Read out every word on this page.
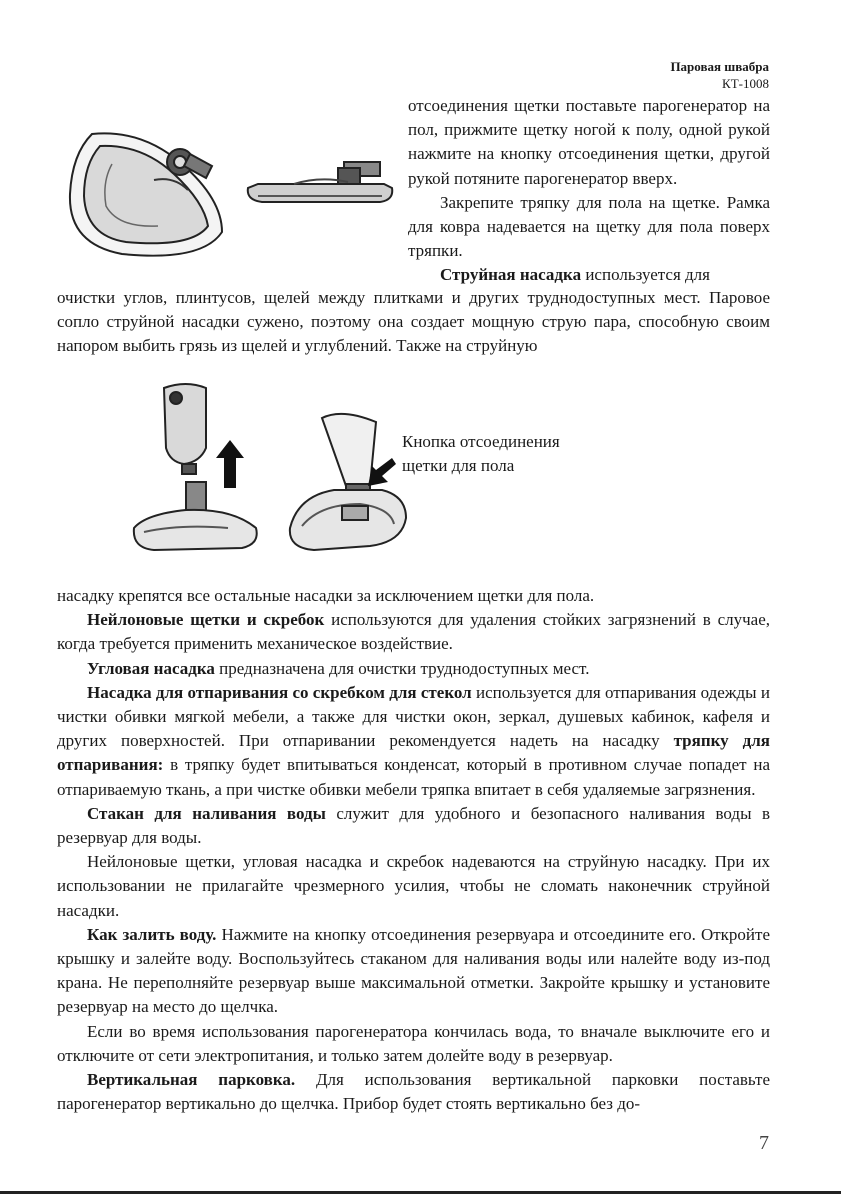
Паровая швабра
КТ-1008

отсоединения щетки поставьте парогенератор на пол, прижмите щетку ногой к полу, одной рукой нажмите на кнопку отсоединения щетки, другой рукой потяните парогенератор вверх.

Закрепите тряпку для пола на щетке. Рамка для ковра надевается на щетку для пола поверх тряпки.

Струйная насадка используется для

очистки углов, плинтусов, щелей между плитками и других труднодоступных мест. Паровое сопло струйной насадки сужено, поэтому она создает мощную струю пара, способную своим напором выбить грязь из щелей и углублений. Также на струйную

Кнопка отсоединения
щетки для пола

насадку крепятся все остальные насадки за исключением щетки для пола.

Нейлоновые щетки и скребок используются для удаления стойких загрязнений в случае, когда требуется применить механическое воздействие.

Угловая насадка предназначена для очистки труднодоступных мест.

Насадка для отпаривания со скребком для стекол используется для отпаривания одежды и чистки обивки мягкой мебели, а также для чистки окон, зеркал, душевых кабинок, кафеля и других поверхностей. При отпаривании рекомендуется надеть на насадку тряпку для отпаривания: в тряпку будет впитываться конденсат, который в противном случае попадет на отпариваемую ткань, а при чистке обивки мебели тряпка впитает в себя удаляемые загрязнения.

Стакан для наливания воды служит для удобного и безопасного наливания воды в резервуар для воды.

Нейлоновые щетки, угловая насадка и скребок надеваются на струйную насадку. При их использовании не прилагайте чрезмерного усилия, чтобы не сломать наконечник струйной насадки.

Как залить воду. Нажмите на кнопку отсоединения резервуара и отсоедините его. Откройте крышку и залейте воду. Воспользуйтесь стаканом для наливания воды или налейте воду из-под крана. Не переполняйте резервуар выше максимальной отметки. Закройте крышку и установите резервуар на место до щелчка.

Если во время использования парогенератора кончилась вода, то вначале выключите его и отключите от сети электропитания, и только затем долейте воду в резервуар.

Вертикальная парковка. Для использования вертикальной парковки поставьте парогенератор вертикально до щелчка. Прибор будет стоять вертикально без до-

7
